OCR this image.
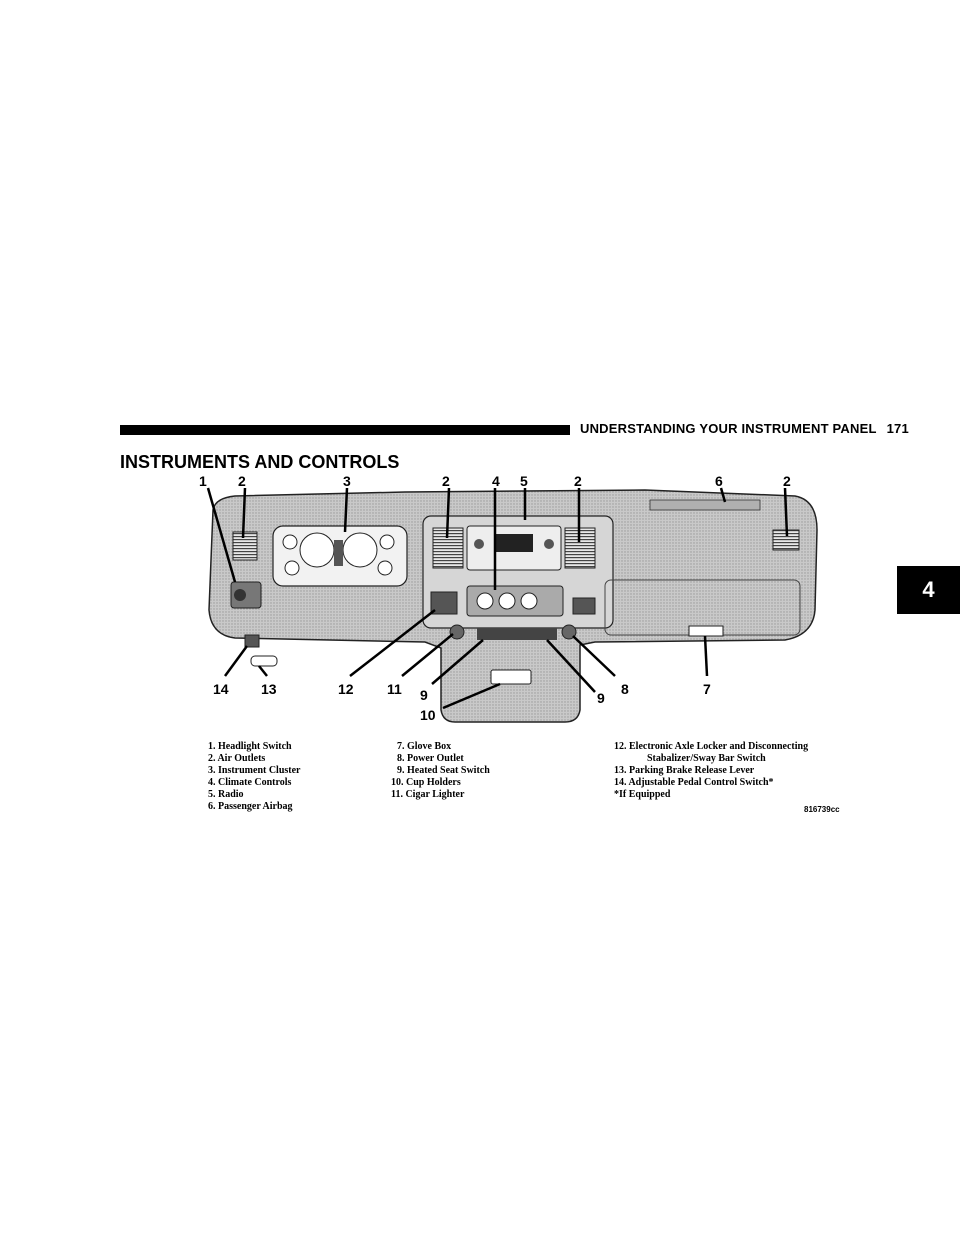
UNDERSTANDING YOUR INSTRUMENT PANEL 171
INSTRUMENTS AND CONTROLS
4
1 2	3	2	4 5	2	6	2
14 13	12 11 9
10
9
8	7
1. Headlight Switch
2. Air Outlets
3. Instrument Cluster
4. Climate Controls
5. Radio
6. Passenger Airbag
7. Glove Box
8. Power Outlet
9. Heated Seat Switch
10. Cup Holders
11. Cigar Lighter
12. Electronic Axle Locker and Disconnecting
Stabalizer/Sway Bar Switch
13. Parking Brake Release Lever
14. Adjustable Pedal Control Switch*
*If Equipped
816739cc
